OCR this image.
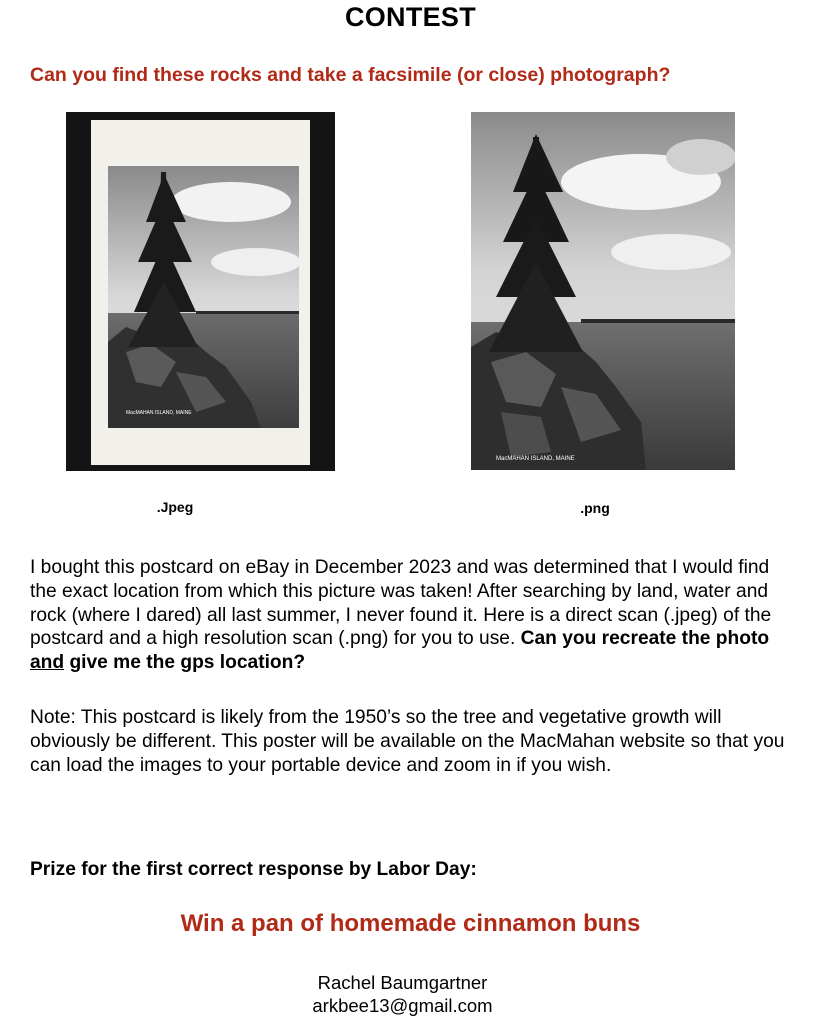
CONTEST
Can you find these rocks and take a facsimile (or close) photograph?
MacMAHAN ISLAND, MAINE
MacMAHAN ISLAND, MAINE
.Jpeg	.png
I bought this postcard on eBay in December 2023 and was determined that I would find the exact location from which this picture was taken! After searching by land, water and rock (where I dared) all last summer, I never found it. Here is a direct scan (.jpeg) of the postcard and a high resolution scan (.png) for you to use. Can you recreate the photo and give me the gps location?
Note: This postcard is likely from the 1950’s so the tree and vegetative growth will obviously be different. This poster will be available on the MacMahan website so that you can load the images to your portable device and zoom in if you wish.
Prize for the first correct response by Labor Day:
Win a pan of homemade cinnamon buns
Rachel Baumgartner
arkbee13@gmail.com
